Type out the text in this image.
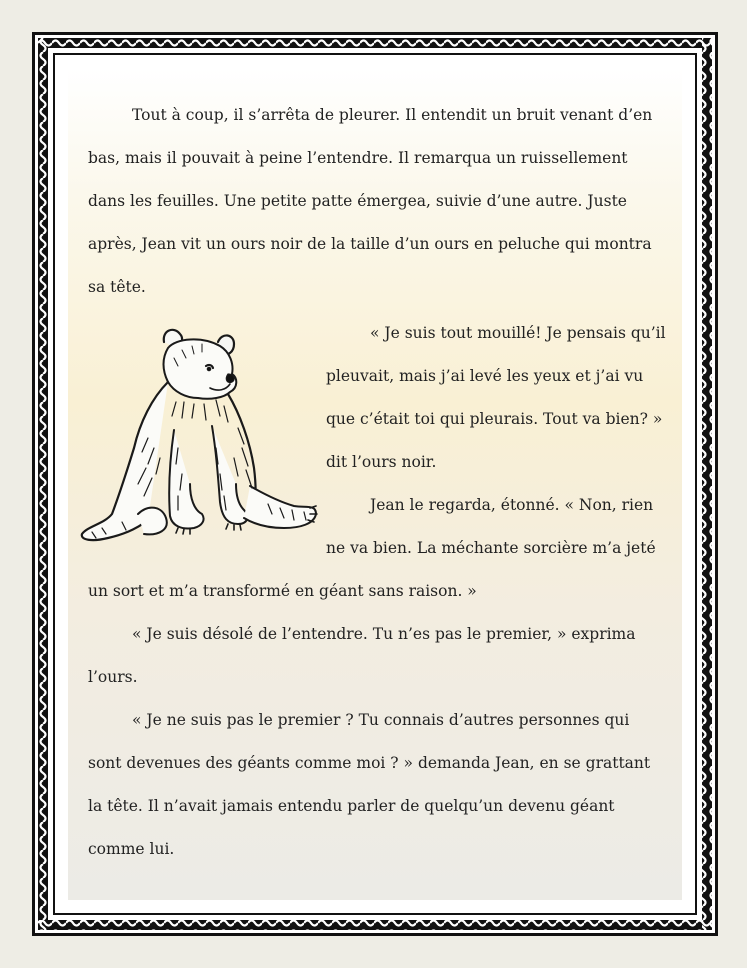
Tout à coup, il s’arrêta de pleurer. Il entendit un bruit venant d’en bas, mais il pouvait à peine l’entendre. Il remarqua un ruissellement dans les feuilles. Une petite patte émergea, suivie d’une autre. Juste après, Jean vit un ours noir de la taille d’un ours en peluche qui montra sa tête.

« Je suis tout mouillé! Je pensais qu’il pleuvait, mais j’ai levé les yeux et j’ai vu que c’était toi qui pleurais. Tout va bien? » dit l’ours noir.

Jean le regarda, étonné. « Non, rien ne va bien. La méchante sorcière m’a jeté

un sort et m’a transformé en géant sans raison. »

« Je suis désolé de l’entendre. Tu n’es pas le premier, » exprima l’ours.

« Je ne suis pas le premier ? Tu connais d’autres personnes qui sont devenues des géants comme moi ? » demanda Jean, en se grattant la tête. Il n’avait jamais entendu parler de quelqu’un devenu géant comme lui.
